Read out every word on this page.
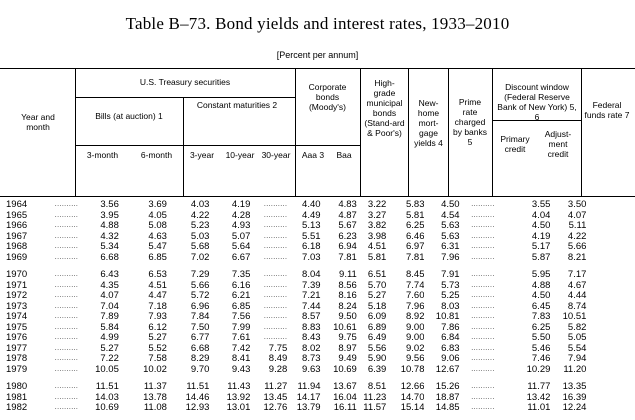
Table B–73. Bond yields and interest rates, 1933–2010
[Percent per annum]
Year and month
U.S. Treasury securities
Bills (at auction) 1
Constant maturities 2
3-month	6-month	3-year	10-year 30-year
Corporate bonds (Moody's)
Aaa 3	Baa
High-grade municipal bonds (Stand-ard & Poor's)
New-home mort-gage yields 4
Prime rate charged by banks 5
Discount window (Federal Reserve Bank of New York) 5, 6
Primary credit
Adjust-ment credit
Federal funds rate 7
1964	..........	3.56	3.69	4.03	4.19	..........	4.40	4.83	3.22	5.83	4.50	..........	3.55	3.50
1965	..........	3.95	4.05	4.22	4.28	..........	4.49	4.87	3.27	5.81	4.54	..........	4.04	4.07
1966	..........	4.88	5.08	5.23	4.93	..........	5.13	5.67	3.82	6.25	5.63	..........	4.50	5.11
1967	..........	4.32	4.63	5.03	5.07	..........	5.51	6.23	3.98	6.46	5.63	..........	4.19	4.22
1968	..........	5.34	5.47	5.68	5.64	..........	6.18	6.94	4.51	6.97	6.31	..........	5.17	5.66
1969	..........	6.68	6.85	7.02	6.67	..........	7.03	7.81	5.81	7.81	7.96	..........	5.87	8.21

1970	..........	6.43	6.53	7.29	7.35	..........	8.04	9.11	6.51	8.45	7.91	..........	5.95	7.17
1971	..........	4.35	4.51	5.66	6.16	..........	7.39	8.56	5.70	7.74	5.73	..........	4.88	4.67
1972	..........	4.07	4.47	5.72	6.21	..........	7.21	8.16	5.27	7.60	5.25	..........	4.50	4.44
1973	..........	7.04	7.18	6.96	6.85	..........	7.44	8.24	5.18	7.96	8.03	..........	6.45	8.74
1974	..........	7.89	7.93	7.84	7.56	..........	8.57	9.50	6.09	8.92	10.81	..........	7.83	10.51
1975	..........	5.84	6.12	7.50	7.99	..........	8.83	10.61	6.89	9.00	7.86	..........	6.25	5.82
1976	..........	4.99	5.27	6.77	7.61	..........	8.43	9.75	6.49	9.00	6.84	..........	5.50	5.05
1977	..........	5.27	5.52	6.68	7.42	7.75	8.02	8.97	5.56	9.02	6.83	..........	5.46	5.54
1978	..........	7.22	7.58	8.29	8.41	8.49	8.73	9.49	5.90	9.56	9.06	..........	7.46	7.94
1979	..........	10.05	10.02	9.70	9.43	9.28	9.63	10.69	6.39	10.78	12.67	..........	10.29	11.20

1980	..........	11.51	11.37	11.51	11.43	11.27	11.94	13.67	8.51	12.66	15.26	..........	11.77	13.35
1981	..........	14.03	13.78	14.46	13.92	13.45	14.17	16.04	11.23	14.70	18.87	..........	13.42	16.39
1982	..........	10.69	11.08	12.93	13.01	12.76	13.79	16.11	11.57	15.14	14.85	..........	11.01	12.24
